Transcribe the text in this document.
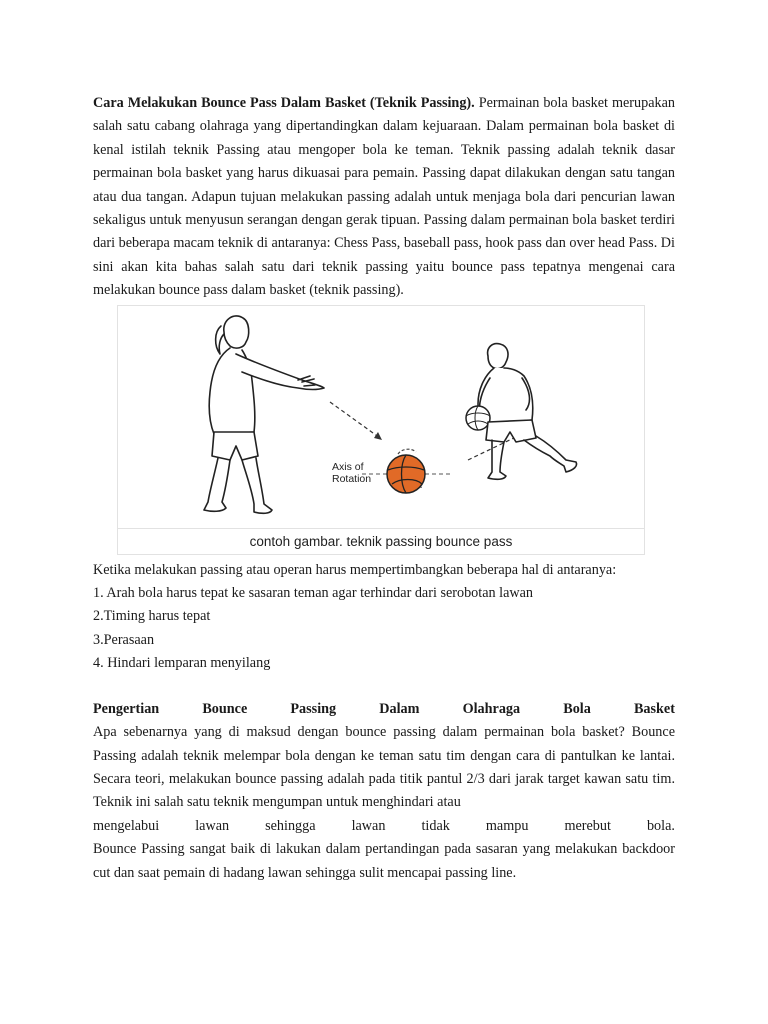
Cara Melakukan Bounce Pass Dalam Basket (Teknik Passing). Permainan bola basket merupakan salah satu cabang olahraga yang dipertandingkan dalam kejuaraan. Dalam permainan bola basket di kenal istilah teknik Passing atau mengoper bola ke teman. Teknik passing adalah teknik dasar permainan bola basket yang harus dikuasai para pemain. Passing dapat dilakukan dengan satu tangan atau dua tangan. Adapun tujuan melakukan passing adalah untuk menjaga bola dari pencurian lawan sekaligus untuk menyusun serangan dengan gerak tipuan. Passing dalam permainan bola basket terdiri dari beberapa macam teknik di antaranya: Chess Pass, baseball pass, hook pass dan over head Pass. Di sini akan kita bahas salah satu dari teknik passing yaitu bounce pass tepatnya mengenai cara melakukan bounce pass dalam basket (teknik passing).

Axis of
Rotation
contoh gambar. teknik passing bounce pass

Ketika melakukan passing atau operan harus mempertimbangkan beberapa hal di antaranya:

1. Arah bola harus tepat ke sasaran teman agar terhindar dari serobotan lawan

2.Timing harus tepat

3.Perasaan

4. Hindari lemparan menyilang

Pengertian	Bounce	Passing	Dalam	Olahraga	Bola	Basket

Apa sebenarnya yang di maksud dengan bounce passing dalam permainan bola basket? Bounce Passing adalah teknik melempar bola dengan ke teman satu tim dengan cara di pantulkan ke lantai. Secara teori, melakukan bounce passing adalah pada titik pantul 2/3 dari jarak target kawan satu tim. Teknik ini salah satu teknik mengumpan untuk menghindari atau

mengelabui	lawan	sehingga	lawan	tidak	mampu	merebut	bola.

Bounce Passing sangat baik di lakukan dalam pertandingan pada sasaran yang melakukan backdoor cut dan saat pemain di hadang lawan sehingga sulit mencapai passing line.
